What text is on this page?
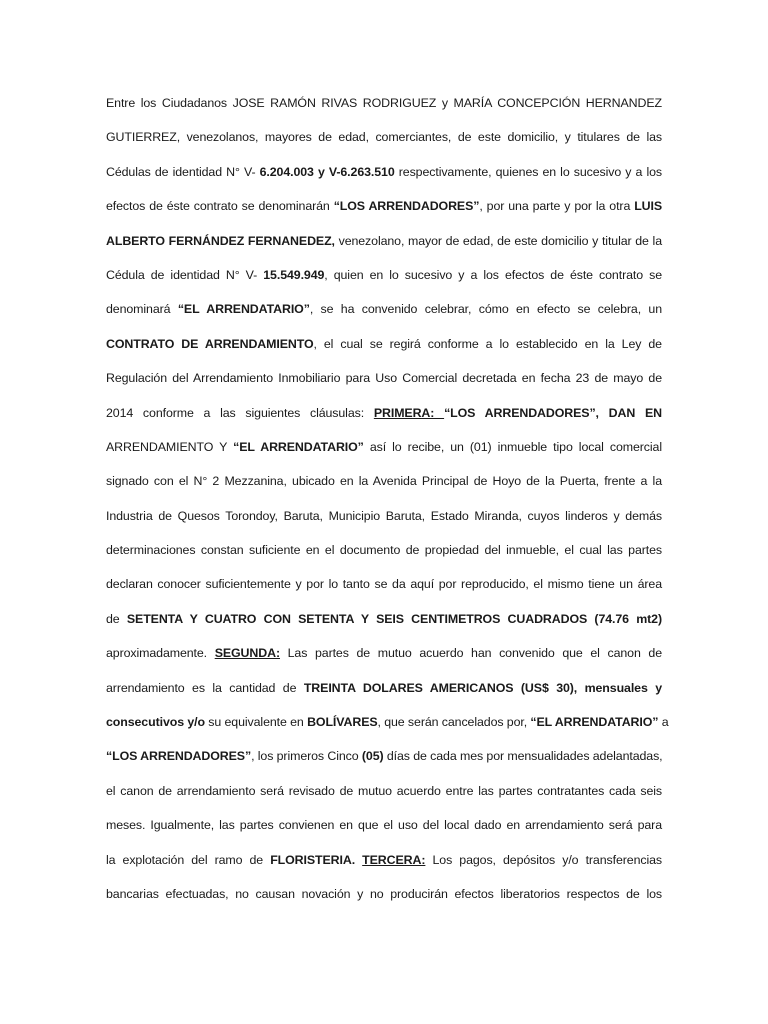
Entre los Ciudadanos JOSE RAMÓN RIVAS RODRIGUEZ y MARÍA CONCEPCIÓN HERNANDEZ
GUTIERREZ, venezolanos, mayores de edad, comerciantes, de este domicilio, y titulares de las
Cédulas de identidad N° V- 6.204.003 y V-6.263.510 respectivamente, quienes en lo sucesivo y a los
efectos de éste contrato se denominarán “LOS ARRENDADORES”, por una parte y por la otra LUIS
ALBERTO FERNÁNDEZ FERNANEDEZ, venezolano, mayor de edad, de este domicilio y titular de la
Cédula de identidad N° V- 15.549.949, quien en lo sucesivo y a los efectos de éste contrato se
denominará “EL ARRENDATARIO”, se ha convenido celebrar, cómo en efecto se celebra, un
CONTRATO DE ARRENDAMIENTO, el cual se regirá conforme a lo establecido en la Ley de
Regulación del Arrendamiento Inmobiliario para Uso Comercial decretada en fecha 23 de mayo de
2014 conforme a las siguientes cláusulas: PRIMERA: “LOS ARRENDADORES”, DAN EN
ARRENDAMIENTO Y “EL ARRENDATARIO” así lo recibe, un (01) inmueble tipo local comercial
signado con el N° 2 Mezzanina, ubicado en la Avenida Principal de Hoyo de la Puerta, frente a la
Industria de Quesos Torondoy, Baruta, Municipio Baruta, Estado Miranda, cuyos linderos y demás
determinaciones constan suficiente en el documento de propiedad del inmueble, el cual las partes
declaran conocer suficientemente y por lo tanto se da aquí por reproducido, el mismo tiene un área
de SETENTA Y CUATRO CON SETENTA Y SEIS CENTIMETROS CUADRADOS (74.76 mt2)
aproximadamente. SEGUNDA: Las partes de mutuo acuerdo han convenido que el canon de
arrendamiento es la cantidad de TREINTA DOLARES AMERICANOS (US$ 30), mensuales y
consecutivos y/o su equivalente en BOLÍVARES, que serán cancelados por, “EL ARRENDATARIO” a
“LOS ARRENDADORES”, los primeros Cinco (05) días de cada mes por mensualidades adelantadas,
el canon de arrendamiento será revisado de mutuo acuerdo entre las partes contratantes cada seis
meses. Igualmente, las partes convienen en que el uso del local dado en arrendamiento será para
la explotación del ramo de FLORISTERIA. TERCERA: Los pagos, depósitos y/o transferencias
bancarias efectuadas, no causan novación y no producirán efectos liberatorios respectos de los
